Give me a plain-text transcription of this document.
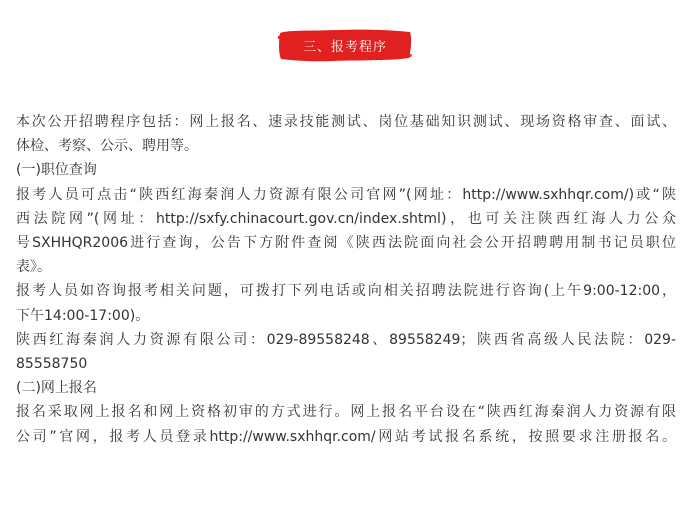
三、报考程序
本次公开招聘程序包括：网上报名、速录技能测试、岗位基础知识测试、现场资格审查、面试、
体检、考察、公示、聘用等。
(一)职位查询
报考人员可点击“陕西红海秦润人力资源有限公司官网”(网址：http://www.sxhhqr.com/)或“陕
西法院网”(网址：http://sxfy.chinacourt.gov.cn/index.shtml)，也可关注陕西红海人力公众
号SXHHQR2006进行查询，公告下方附件查阅《陕西法院面向社会公开招聘聘用制书记员职位
表》。
报考人员如咨询报考相关问题，可拨打下列电话或向相关招聘法院进行咨询(上午9:00-12:00，
下午14:00-17:00)。
陕西红海秦润人力资源有限公司：029-89558248、89558249；陕西省高级人民法院：029-
85558750
(二)网上报名
报名采取网上报名和网上资格初审的方式进行。网上报名平台设在“陕西红海秦润人力资源有限
公司”官网，报考人员登录http://www.sxhhqr.com/网站考试报名系统，按照要求注册报名。
